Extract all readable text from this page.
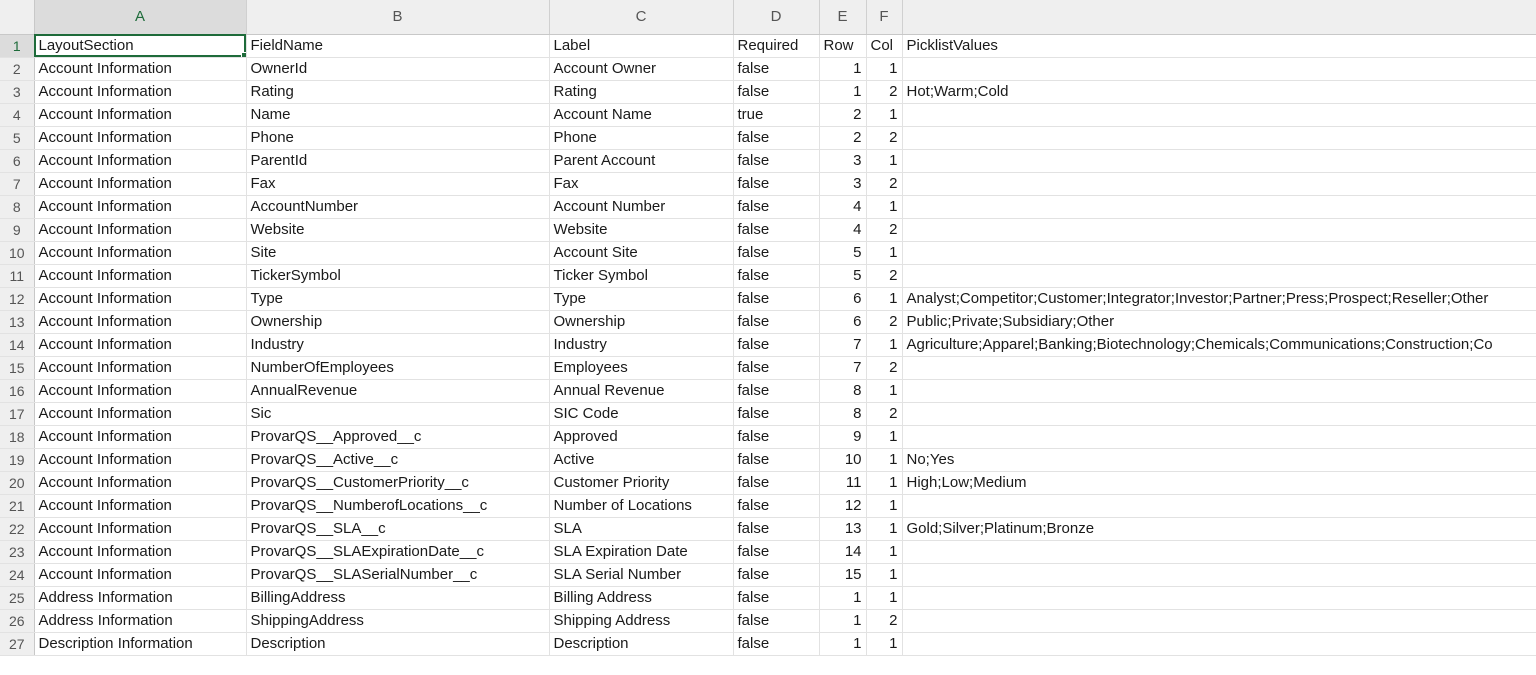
	A	B	C	D	E	F	
1	LayoutSection	FieldName	Label	Required	Row	Col	PicklistValues
2	Account Information	OwnerId	Account Owner	false	1	1	
3	Account Information	Rating	Rating	false	1	2	Hot;Warm;Cold
4	Account Information	Name	Account Name	true	2	1	
5	Account Information	Phone	Phone	false	2	2	
6	Account Information	ParentId	Parent Account	false	3	1	
7	Account Information	Fax	Fax	false	3	2	
8	Account Information	AccountNumber	Account Number	false	4	1	
9	Account Information	Website	Website	false	4	2	
10	Account Information	Site	Account Site	false	5	1	
11	Account Information	TickerSymbol	Ticker Symbol	false	5	2	
12	Account Information	Type	Type	false	6	1	Analyst;Competitor;Customer;Integrator;Investor;Partner;Press;Prospect;Reseller;Other
13	Account Information	Ownership	Ownership	false	6	2	Public;Private;Subsidiary;Other
14	Account Information	Industry	Industry	false	7	1	Agriculture;Apparel;Banking;Biotechnology;Chemicals;Communications;Construction;Co
15	Account Information	NumberOfEmployees	Employees	false	7	2	
16	Account Information	AnnualRevenue	Annual Revenue	false	8	1	
17	Account Information	Sic	SIC Code	false	8	2	
18	Account Information	ProvarQS__Approved__c	Approved	false	9	1	
19	Account Information	ProvarQS__Active__c	Active	false	10	1	No;Yes
20	Account Information	ProvarQS__CustomerPriority__c	Customer Priority	false	11	1	High;Low;Medium
21	Account Information	ProvarQS__NumberofLocations__c	Number of Locations	false	12	1	
22	Account Information	ProvarQS__SLA__c	SLA	false	13	1	Gold;Silver;Platinum;Bronze
23	Account Information	ProvarQS__SLAExpirationDate__c	SLA Expiration Date	false	14	1	
24	Account Information	ProvarQS__SLASerialNumber__c	SLA Serial Number	false	15	1	
25	Address Information	BillingAddress	Billing Address	false	1	1	
26	Address Information	ShippingAddress	Shipping Address	false	1	2	
27	Description Information	Description	Description	false	1	1	
